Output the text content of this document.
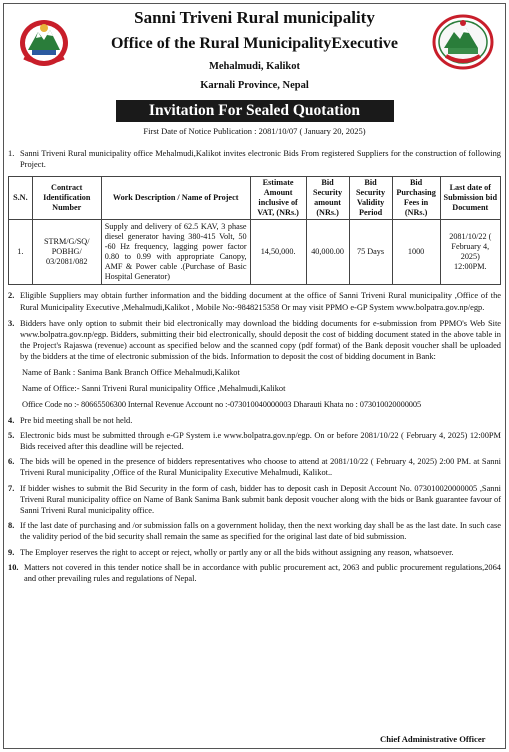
Sanni Triveni Rural municipality
Office of the Rural MunicipalityExecutive
Mehalmudi, Kalikot
Karnali Province, Nepal
Invitation For Sealed Quotation
First Date of Notice Publication : 2081/10/07 ( January 20, 2025)
1. Sanni Triveni Rural municipality office Mehalmudi,Kalikot invites electronic Bids From registered Suppliers for the construction of following Project.
S.N.	Contract Identification Number	Work Description / Name of Project	Estimate Amount inclusive of VAT, (NRs.)	Bid Security amount (NRs.)	Bid Security Validity Period	Bid Purchasing Fees in (NRs.)	Last date of Submission bid Document
1.	STRM/G/SQ/ POBHG/ 03/2081/082	Supply and delivery of 62.5 KAV, 3 phase diesel generator having 380-415 Volt, 50 -60 Hz frequency, lagging power factor 0.80 to 0.99 with appropriate Canopy, AMF & Power cable .(Purchase of Basic Hospital Generator)	14,50,000.	40,000.00	75 Days	1000	2081/10/22 ( February 4, 2025) 12:00PM.
2. Eligible Suppliers may obtain further information and the bidding document at the office of Sanni Triveni Rural municipality ,Office of the Rural Municipality Executive ,Mehalmudi,Kalikot , Mobile No:-9848215358 Or may visit PPMO e-GP System www.bolpatra.gov.np/egp.
3. Bidders have only option to submit their bid electronically may download the bidding documents for e-submission from PPMO's Web Site www.bolpatra.gov.np/egp. Bidders, submitting their bid electronically, should deposit the cost of bidding document stated in the above table in the Project's Rajaswa (revenue) account as specified below and the scanned copy (pdf format) of the Bank deposit voucher shall be uploaded by the bidders at the time of electronic submission of the bids. Information to deposit the cost of bidding document in Bank:
Name of Bank : Sanima Bank Branch Office Mehalmudi,Kalikot
Name of Office:- Sanni Triveni Rural municipality Office ,Mehalmudi,Kalikot
Office Code no :- 80665506300 Internal Revenue Account no :-073010040000003 Dharauti Khata no : 073010020000005
4. Pre bid meeting shall be not held.
5. Electronic bids must be submitted through e-GP System i.e www.bolpatra.gov.np/egp. On or before 2081/10/22 ( February 4, 2025) 12:00PM Bids received after this deadline will be rejected.
6. The bids will be opened in the presence of bidders representatives who choose to attend at 2081/10/22 ( February 4, 2025) 2:00 PM. at Sanni Triveni Rural municipality ,Office of the Rural Municipality Executive Mehalmudi, Kalikot..
7. If bidder wishes to submit the Bid Security in the form of cash, bidder has to deposit cash in Deposit Account No. 073010020000005 ,Sanni Triveni Rural municipality office on Name of Bank Sanima Bank submit bank deposit voucher along with the bids or Bank guarantee favour of Sanni Triveni Rural municipality office.
8. If the last date of purchasing and /or submission falls on a government holiday, then the next working day shall be as the last date. In such case the validity period of the bid security shall remain the same as specified for the original last date of bid submission.
9. The Employer reserves the right to accept or reject, wholly or partly any or all the bids without assigning any reason, whatsoever.
10. Matters not covered in this tender notice shall be in accordance with public procurement act, 2063 and public procurement regulations,2064 and other prevailing rules and regulations of Nepal.
Chief Administrative Officer
